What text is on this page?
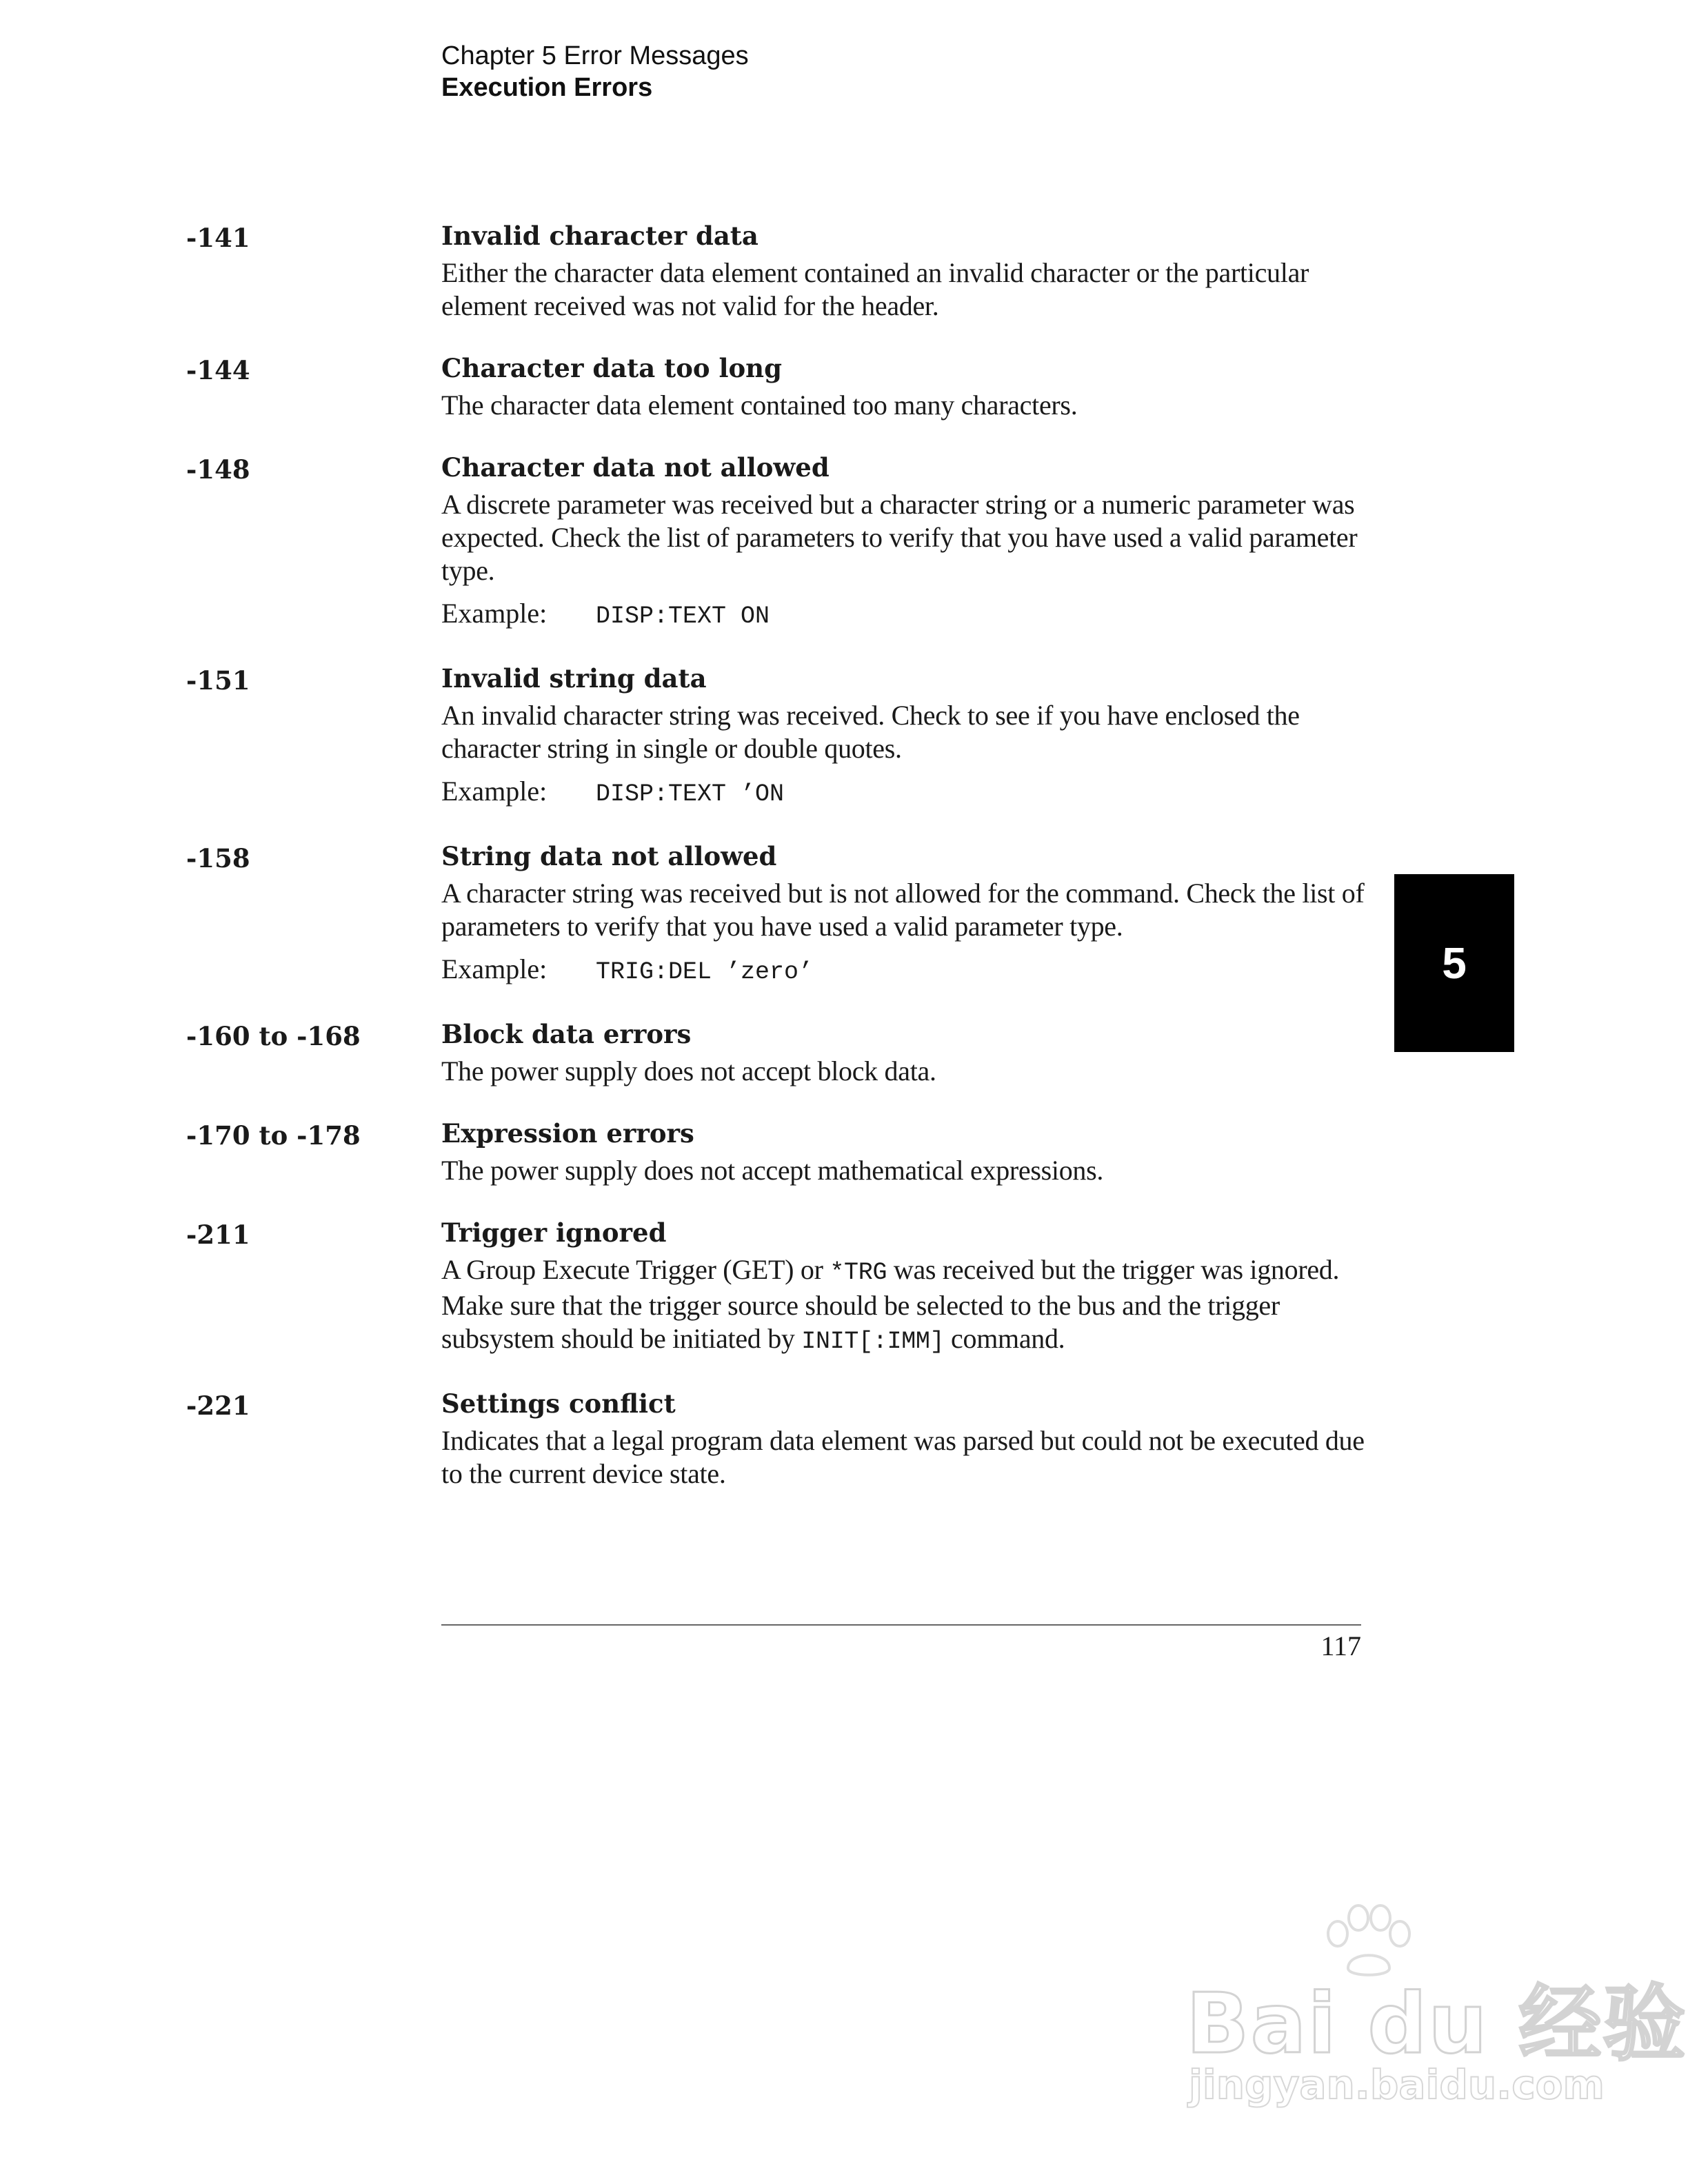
Chapter 5 Error Messages
Execution Errors
-141	Invalid character data

Either the character data element contained an invalid character or the particular element received was not valid for the header.

-144	Character data too long

The character data element contained too many characters.

-148	Character data not allowed

A discrete parameter was received but a character string or a numeric parameter was expected. Check the list of parameters to verify that you have used a valid parameter type.

Example: DISP:TEXT ON
-151	Invalid string data

An invalid character string was received. Check to see if you have enclosed the character string in single or double quotes.

Example: DISP:TEXT ’ON
-158	String data not allowed

A character string was received but is not allowed for the command. Check the list of parameters to verify that you have used a valid parameter type.

Example: TRIG:DEL ’zero’
-160 to -168	Block data errors

The power supply does not accept block data.

-170 to -178	Expression errors

The power supply does not accept mathematical expressions.

-211	Trigger ignored

A Group Execute Trigger (GET) or *TRG was received but the trigger was ignored. Make sure that the trigger source should be selected to the bus and the trigger subsystem should be initiated by INIT[:IMM] command.

-221	Settings conflict

Indicates that a legal program data element was parsed but could not be executed due to the current device state.

5
117
Bai du 经验
jingyan.baidu.com
